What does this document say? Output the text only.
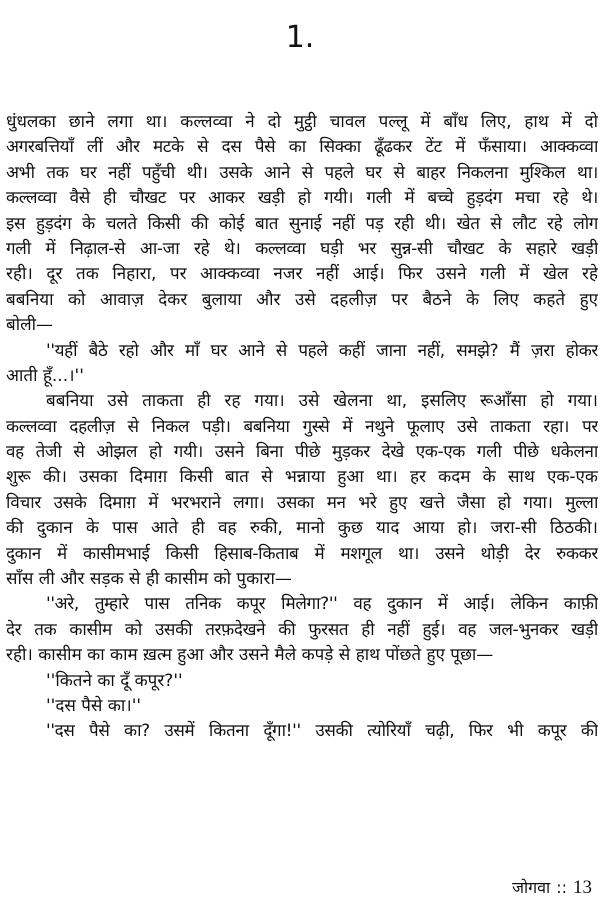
1.
धुंधलका छाने लगा था। कल्लव्वा ने दो मुट्ठी चावल पल्लू में बाँध लिए, हाथ में दो
अगरबत्तियाँ लीं और मटके से दस पैसे का सिक्का ढूँढकर टेंट में फँसाया। आक्कव्वा
अभी तक घर नहीं पहुँची थी। उसके आने से पहले घर से बाहर निकलना मुश्किल था।
कल्लव्वा वैसे ही चौखट पर आकर खड़ी हो गयी। गली में बच्चे हुड़दंग मचा रहे थे।
इस हुड़दंग के चलते किसी की कोई बात सुनाई नहीं पड़ रही थी। खेत से लौट रहे लोग
गली में निढ़ाल-से आ-जा रहे थे। कल्लव्वा घड़ी भर सुन्न-सी चौखट के सहारे खड़ी
रही। दूर तक निहारा, पर आक्कव्वा नजर नहीं आई। फिर उसने गली में खेल रहे
बबनिया को आवाज़ देकर बुलाया और उसे दहलीज़ पर बैठने के लिए कहते हुए
बोली—
''यहीं बैठे रहो और माँ घर आने से पहले कहीं जाना नहीं, समझे? मैं ज़रा होकर
आती हूँ...।''
बबनिया उसे ताकता ही रह गया। उसे खेलना था, इसलिए रूआँसा हो गया।
कल्लव्वा दहलीज़ से निकल पड़ी। बबनिया गुस्से में नथुने फूलाए उसे ताकता रहा। पर
वह तेजी से ओझल हो गयी। उसने बिना पीछे मुड़कर देखे एक-एक गली पीछे धकेलना
शुरू की। उसका दिमाग़ किसी बात से भन्नाया हुआ था। हर कदम के साथ एक-एक
विचार उसके दिमाग़ में भरभराने लगा। उसका मन भरे हुए खत्ते जैसा हो गया। मुल्ला
की दुकान के पास आते ही वह रुकी, मानो कुछ याद आया हो। जरा-सी ठिठकी।
दुकान में कासीमभाई किसी हिसाब-किताब में मशगूल था। उसने थोड़ी देर रुककर
साँस ली और सड़क से ही कासीम को पुकारा—
''अरे, तुम्हारे पास तनिक कपूर मिलेगा?'' वह दुकान में आई। लेकिन काफ़ी
देर तक कासीम को उसकी तरफ़देखने की फुरसत ही नहीं हुई। वह जल-भुनकर खड़ी
रही। कासीम का काम ख़त्म हुआ और उसने मैले कपड़े से हाथ पोंछते हुए पूछा—
''कितने का दूँ कपूर?''
''दस पैसे का।''
''दस पैसे का? उसमें कितना दूँगा!'' उसकी त्योरियाँ चढ़ी, फिर भी कपूर की
जोगवा :: 13
